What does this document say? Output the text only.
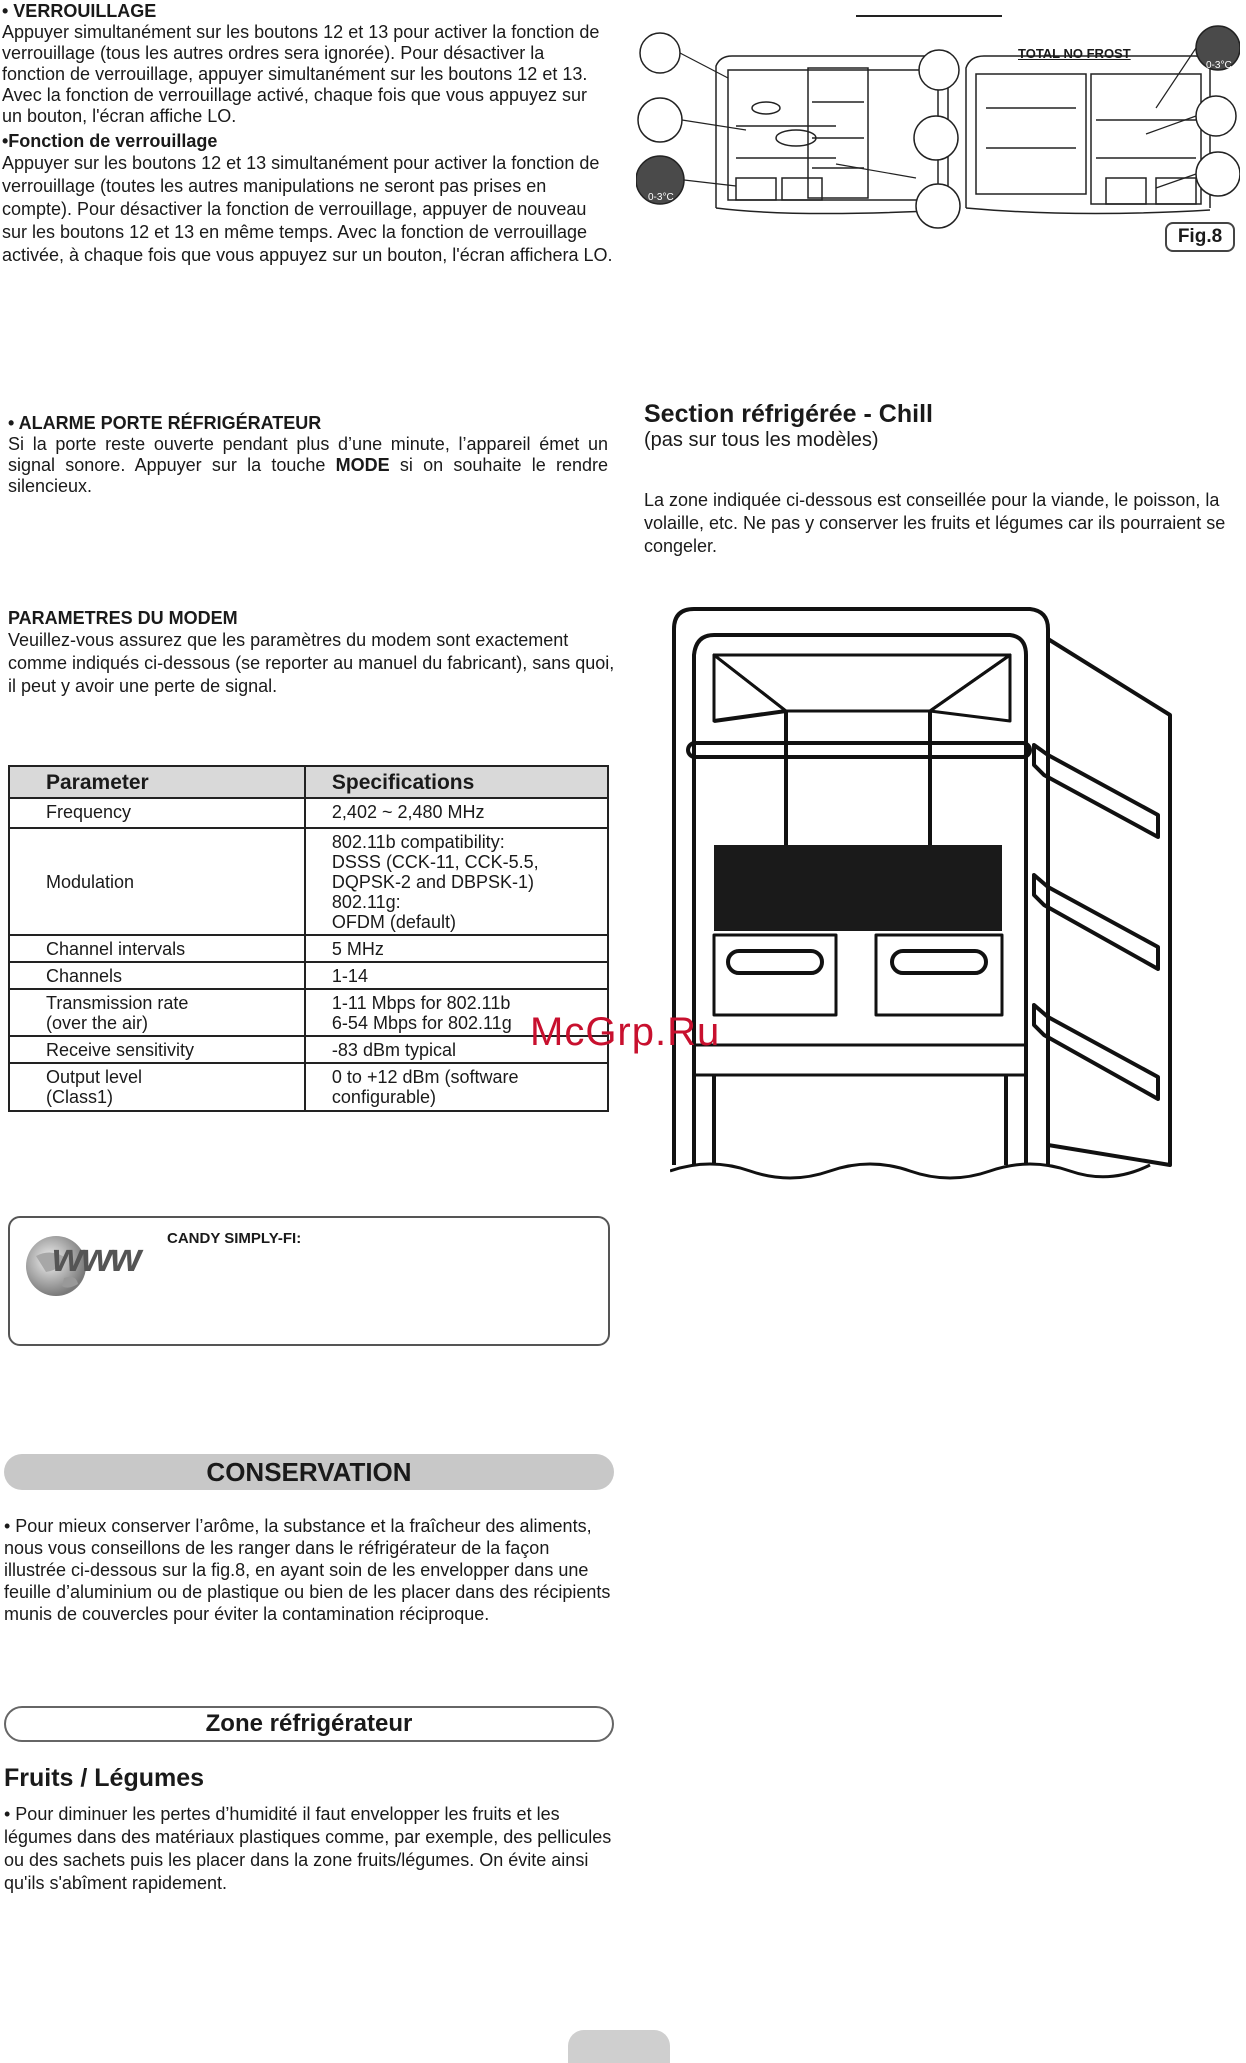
• VERROUILLAGE

Appuyer simultanément sur les boutons 12 et 13 pour activer la fonction de verrouillage (tous les autres ordres sera ignorée). Pour désactiver la fonction de verrouillage, appuyer simultanément sur les boutons 12 et 13. Avec la fonction de verrouillage activé, chaque fois que vous appuyez sur un bouton, l'écran affiche LO.

•Fonction de verrouillage

Appuyer sur les boutons 12 et 13 simultanément pour activer la fonction de verrouillage (toutes les autres manipulations ne seront pas prises en compte). Pour désactiver la fonction de verrouillage, appuyer de nouveau sur les boutons 12 et 13 en même temps. Avec la fonction de verrouillage activée, à chaque fois que vous appuyez sur un bouton, l'écran affichera LO.

• ALARME PORTE RÉFRIGÉRATEUR

Si la porte reste ouverte pendant plus d’une minute, l’appareil émet un signal sonore. Appuyer sur la touche MODE si on souhaite le rendre silencieux.

PARAMETRES DU MODEM

Veuillez-vous assurez que les paramètres du modem sont exactement comme indiqués ci-dessous (se reporter au manuel du fabricant), sans quoi, il peut y avoir une perte de signal.

Parameter	Specifications
Frequency	2,402 ~ 2,480 MHz
Modulation	802.11b compatibility:
DSSS (CCK-11, CCK-5.5,
DQPSK-2 and DBPSK-1)
802.11g:
OFDM (default)
Channel intervals	5 MHz
Channels	1-14
Transmission rate
(over the air)	1-11 Mbps for 802.11b
6-54 Mbps for 802.11g
Receive sensitivity	-83 dBm typical
Output level
(Class1)	0 to +12 dBm (software
configurable)
www CANDY SIMPLY-FI:
CONSERVATION

• Pour mieux conserver l’arôme, la substance et la fraîcheur des aliments, nous vous conseillons de les ranger dans le réfrigérateur de la façon illustrée ci-dessous sur la fig.8, en ayant soin de les envelopper dans une feuille d’aluminium ou de plastique ou bien de les placer dans des récipients munis de couvercles pour éviter la contamination réciproque.

Zone réfrigérateur

Fruits / Légumes

• Pour diminuer les pertes d’humidité il faut envelopper les fruits et les légumes dans des matériaux plastiques comme, par exemple, des pellicules ou des sachets puis les placer dans la zone fruits/légumes. On évite ainsi qu'ils s'abîment rapidement.

0-3°C
0-3°C
TOTAL NO FROST
Fig.8

Section réfrigérée - Chill

(pas sur tous les modèles)

La zone indiquée ci-dessous est conseillée pour la viande, le poisson, la volaille, etc. Ne pas y conserver les fruits et légumes car ils pourraient se congeler.

McGrp.Ru
